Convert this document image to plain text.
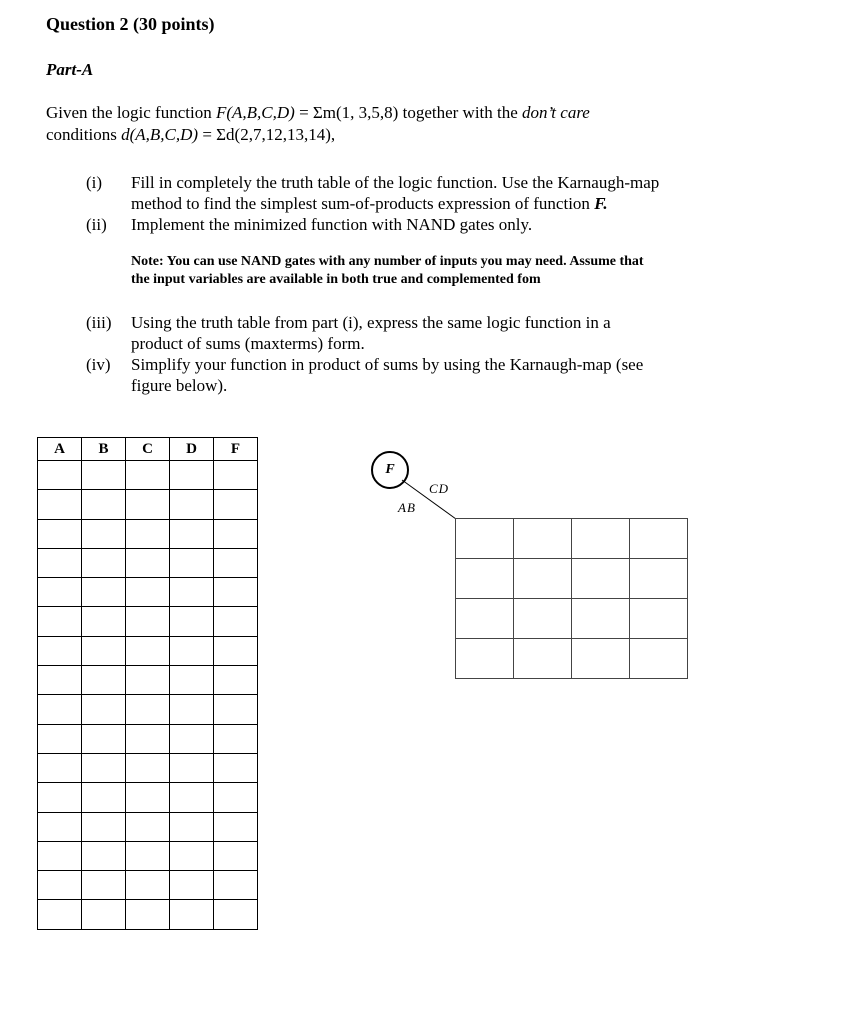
Question 2 (30 points)
Part-A
Given the logic function F(A,B,C,D) = Σm(1, 3,5,8) together with the don’t care
conditions d(A,B,C,D) = Σd(2,7,12,13,14),
(i) Fill in completely the truth table of the logic function. Use the Karnaugh-map
method to find the simplest sum-of-products expression of function F.
(ii) Implement the minimized function with NAND gates only.
Note: You can use NAND gates with any number of inputs you may need. Assume that
the input variables are available in both true and complemented fom
(iii) Using the truth table from part (i), express the same logic function in a
product of sums (maxterms) form.
(iv) Simplify your function in product of sums by using the Karnaugh-map (see
figure below).
A	B	C	D	F

F
CD
AB
